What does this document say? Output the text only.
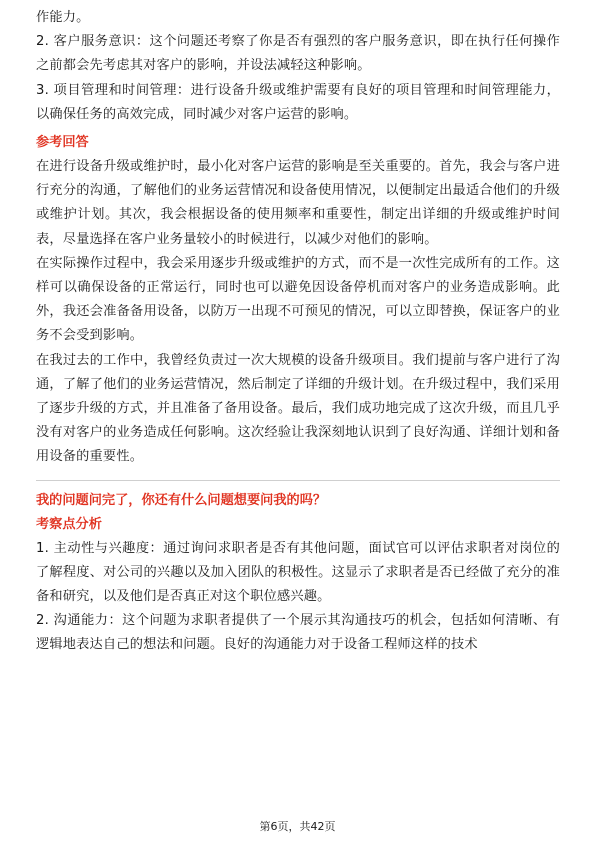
作能力。

2. 客户服务意识：这个问题还考察了你是否有强烈的客户服务意识，即在执行任何操作之前都会先考虑其对客户的影响，并设法减轻这种影响。

3. 项目管理和时间管理：进行设备升级或维护需要有良好的项目管理和时间管理能力，以确保任务的高效完成，同时减少对客户运营的影响。

参考回答

在进行设备升级或维护时，最小化对客户运营的影响是至关重要的。首先，我会与客户进行充分的沟通，了解他们的业务运营情况和设备使用情况，以便制定出最适合他们的升级或维护计划。其次，我会根据设备的使用频率和重要性，制定出详细的升级或维护时间表，尽量选择在客户业务量较小的时候进行，以减少对他们的影响。

在实际操作过程中，我会采用逐步升级或维护的方式，而不是一次性完成所有的工作。这样可以确保设备的正常运行，同时也可以避免因设备停机而对客户的业务造成影响。此外，我还会准备备用设备，以防万一出现不可预见的情况，可以立即替换，保证客户的业务不会受到影响。

在我过去的工作中，我曾经负责过一次大规模的设备升级项目。我们提前与客户进行了沟通，了解了他们的业务运营情况，然后制定了详细的升级计划。在升级过程中，我们采用了逐步升级的方式，并且准备了备用设备。最后，我们成功地完成了这次升级，而且几乎没有对客户的业务造成任何影响。这次经验让我深刻地认识到了良好沟通、详细计划和备用设备的重要性。

我的问题问完了，你还有什么问题想要问我的吗？

考察点分析

1. 主动性与兴趣度：通过询问求职者是否有其他问题，面试官可以评估求职者对岗位的了解程度、对公司的兴趣以及加入团队的积极性。这显示了求职者是否已经做了充分的准备和研究，以及他们是否真正对这个职位感兴趣。

2. 沟通能力：这个问题为求职者提供了一个展示其沟通技巧的机会，包括如何清晰、有逻辑地表达自己的想法和问题。良好的沟通能力对于设备工程师这样的技术

第6页，共42页
